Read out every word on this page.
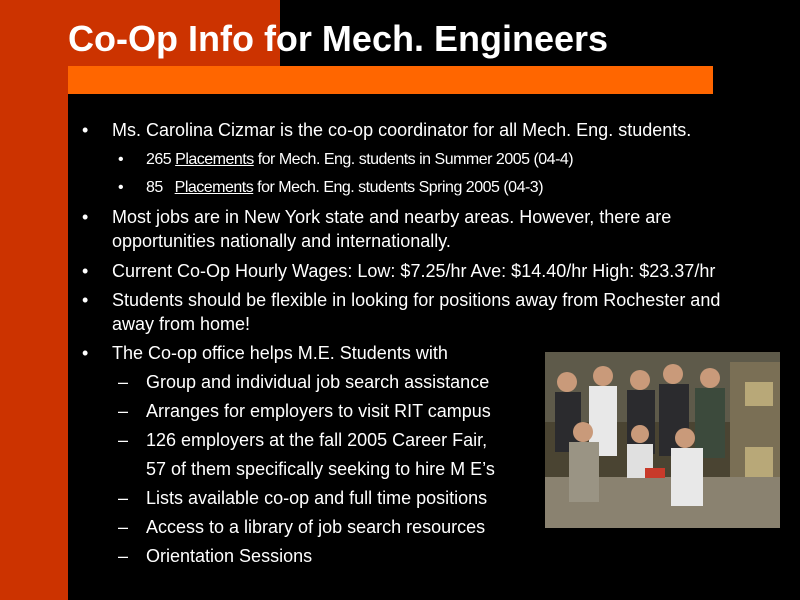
Co-Op Info for Mech. Engineers
• Ms. Carolina Cizmar is the co-op coordinator for all Mech. Eng. students.
• 265 Placements for Mech. Eng. students in Summer 2005 (04-4)
• 85 Placements for Mech. Eng. students Spring 2005 (04-3)
• Most jobs are in New York state and nearby areas. However, there are
opportunities nationally and internationally.
• Current Co-Op Hourly Wages: Low: $7.25/hr Ave: $14.40/hr High: $23.37/hr
• Students should be flexible in looking for positions away from Rochester and
away from home!
• The Co-op office helps M.E. Students with
– Group and individual job search assistance
– Arranges for employers to visit RIT campus
– 126 employers at the fall 2005 Career Fair,
57 of them specifically seeking to hire M E’s
– Lists available co-op and full time positions
– Access to a library of job search resources
– Orientation Sessions
